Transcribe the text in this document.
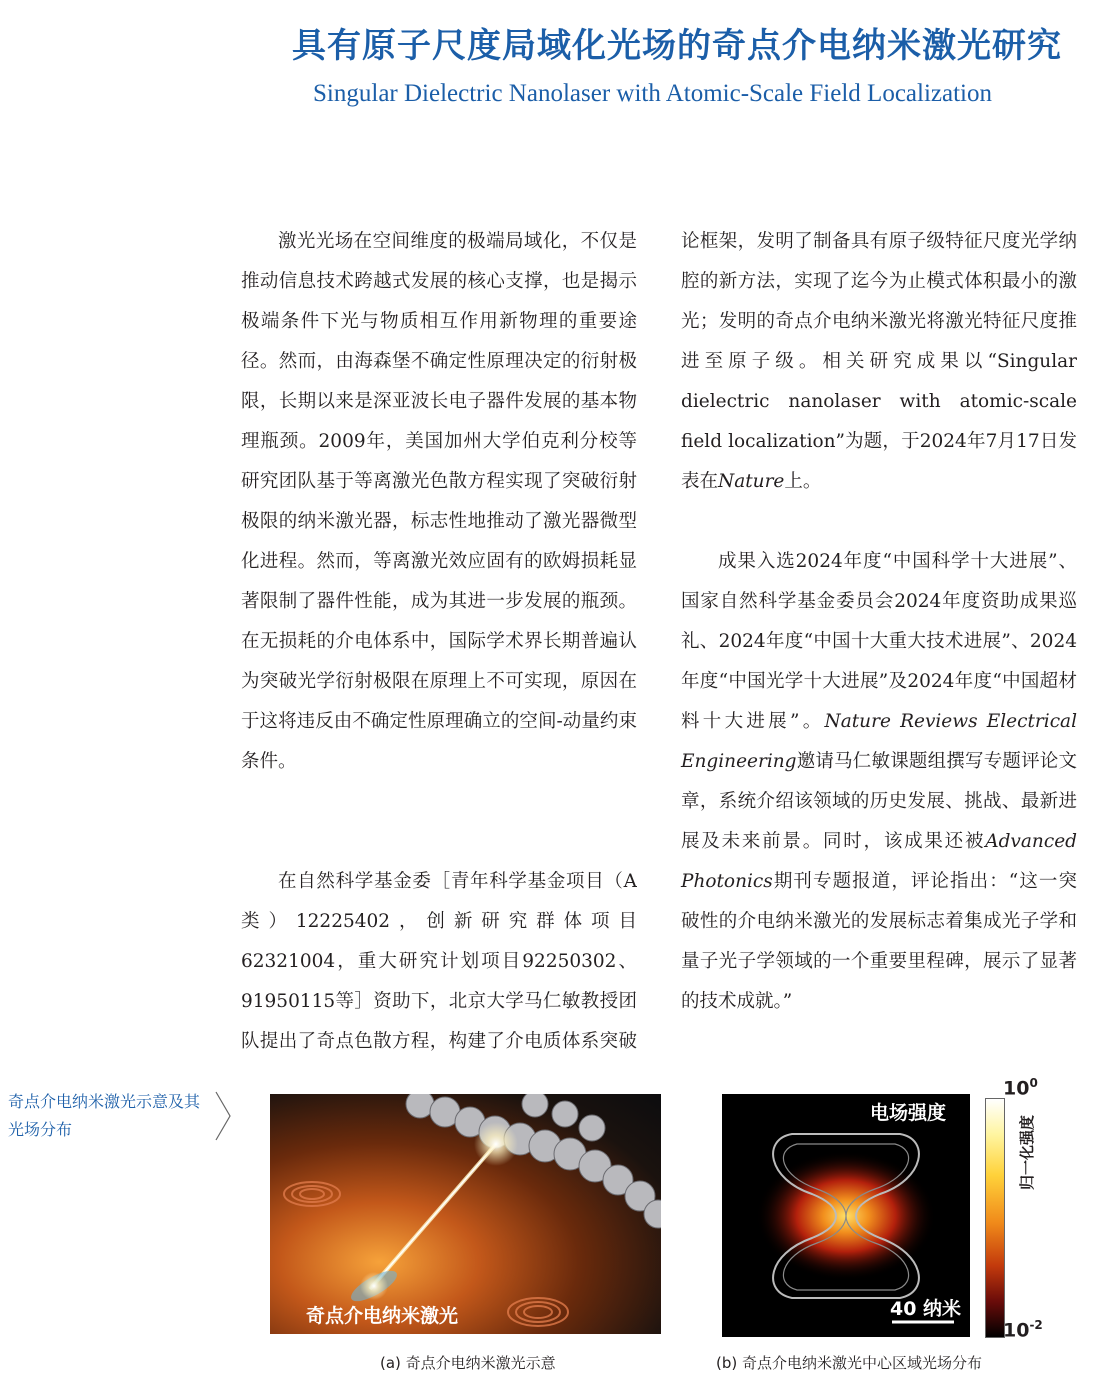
具有原子尺度局域化光场的奇点介电纳米激光研究
Singular Dielectric Nanolaser with Atomic-Scale Field Localization

激光光场在空间维度的极端局域化，不仅是推动信息技术跨越式发展的核心支撑，也是揭示极端条件下光与物质相互作用新物理的重要途径。然而，由海森堡不确定性原理决定的衍射极限，长期以来是深亚波长电子器件发展的基本物理瓶颈。2009年，美国加州大学伯克利分校等研究团队基于等离激光色散方程实现了突破衍射极限的纳米激光器，标志性地推动了激光器微型化进程。然而，等离激光效应固有的欧姆损耗显著限制了器件性能，成为其进一步发展的瓶颈。在无损耗的介电体系中，国际学术界长期普遍认为突破光学衍射极限在原理上不可实现，原因在于这将违反由不确定性原理确立的空间-动量约束条件。

在自然科学基金委［青年科学基金项目（A类）12225402，创新研究群体项目62321004，重大研究计划项目92250302、91950115等］资助下，北京大学马仁敏教授团队提出了奇点色散方程，构建了介电质体系突破

论框架，发明了制备具有原子级特征尺度光学纳腔的新方法，实现了迄今为止模式体积最小的激光；发明的奇点介电纳米激光将激光特征尺度推进至原子级。相关研究成果以“Singular dielectric nanolaser with atomic-scale field localization”为题，于2024年7月17日发表在Nature上。

成果入选2024年度“中国科学十大进展”、国家自然科学基金委员会2024年度资助成果巡礼、2024年度“中国十大重大技术进展”、2024年度“中国光学十大进展”及2024年度“中国超材料十大进展”。Nature Reviews Electrical Engineering邀请马仁敏课题组撰写专题评论文章，系统介绍该领域的历史发展、挑战、最新进展及未来前景。同时，该成果还被Advanced Photonics期刊专题报道，评论指出：“这一突破性的介电纳米激光的发展标志着集成光子学和量子光子学领域的一个重要里程碑，展示了显著的技术成就。”

奇点介电纳米激光示意及其光场分布
奇点介电纳米激光
电场强度
40 纳米
$10^0$
$10^{-2}$
归一化强度
(a) 奇点介电纳米激光示意	(b) 奇点介电纳米激光中心区域光场分布
